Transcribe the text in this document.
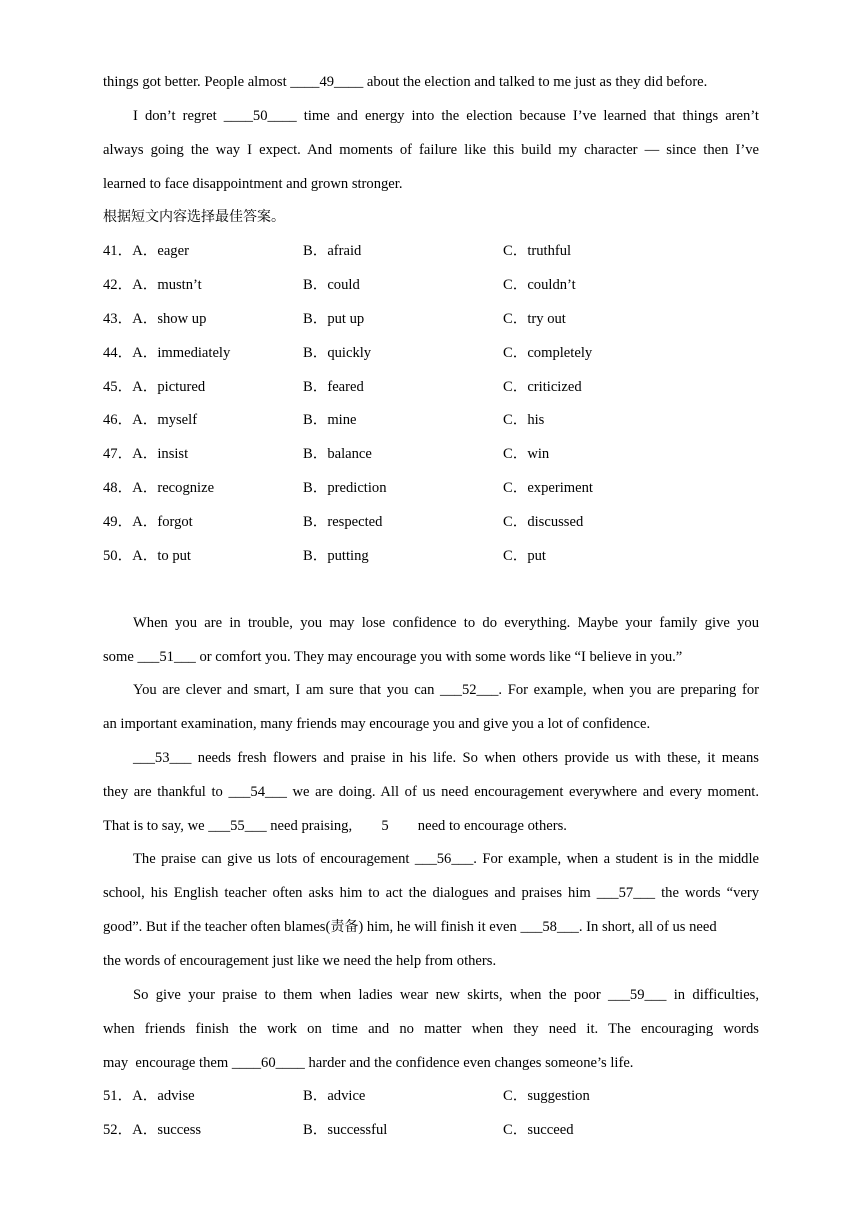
things got better. People almost ____49____ about the election and talked to me just as they did before.
I don’t regret ____50____ time and energy into the election because I’ve learned that things aren’t
always going the way I expect. And moments of failure like this build my character — since then I’ve
learned to face disappointment and grown stronger.
根据短文内容选择最佳答案。
41．A．eager	B．afraid	C．truthful
42．A．mustn’t	B．could	C．couldn’t
43．A．show up	B．put up	C．try out
44．A．immediately	B．quickly	C．completely
45．A．pictured	B．feared	C．criticized
46．A．myself	B．mine	C．his
47．A．insist	B．balance	C．win
48．A．recognize	B．prediction	C．experiment
49．A．forgot	B．respected	C．discussed
50．A．to put	B．putting	C．put
When you are in trouble, you may lose confidence to do everything. Maybe your family give you
some ___51___ or comfort you. They may encourage you with some words like “I believe in you.”
You are clever and smart, I am sure that you can ___52___. For example, when you are preparing for
an important examination, many friends may encourage you and give you a lot of confidence.
___53___ needs fresh flowers and praise in his life. So when others provide us with these, it means
they are thankful to ___54___ we are doing. All of us need encouragement everywhere and every moment.
That is to say, we ___55___ need praising,        5        need to encourage others.
The praise can give us lots of encouragement ___56___. For example, when a student is in the middle
school, his English teacher often asks him to act the dialogues and praises him ___57___ the words “very
good”. But if the teacher often blames(责备) him, he will finish it even ___58___. In short, all of us need
the words of encouragement just like we need the help from others.
So give your praise to them when ladies wear new skirts, when the poor ___59___ in difficulties,
when friends finish the work on time and no matter when they need it. The encouraging words
may  encourage them ____60____ harder and the confidence even changes someone’s life.
51．A．advise	B．advice	C．suggestion
52．A．success	B．successful	C．succeed
